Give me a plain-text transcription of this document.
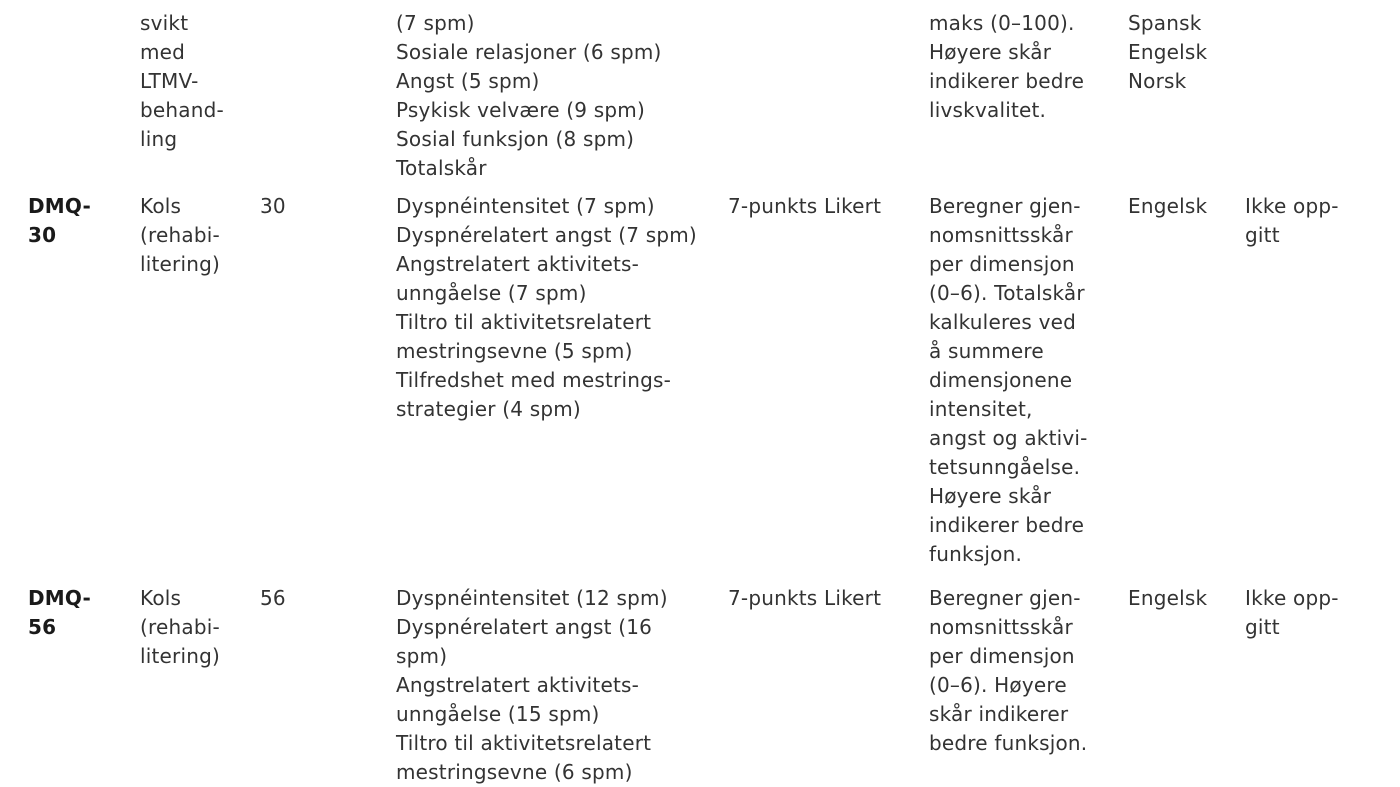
svikt
med
LTMV-
behand-
ling
(7 spm)
Sosiale relasjoner (6 spm)
Angst (5 spm)
Psykisk velvære (9 spm)
Sosial funksjon (8 spm)
Totalskår
maks (0–100).
Høyere skår
indikerer bedre
livskvalitet.
Spansk
Engelsk
Norsk
DMQ-
30
Kols
(rehabi-
litering)
30	Dyspnéintensitet (7 spm)
Dyspnérelatert angst (7 spm)
Angstrelatert aktivitets-
unngåelse (7 spm)
Tiltro til aktivitetsrelatert
mestringsevne (5 spm)
Tilfredshet med mestrings-
strategier (4 spm)
7-punkts Likert Beregner gjen-
nomsnittsskår
per dimensjon
(0–6). Totalskår
kalkuleres ved
å summere
dimensjonene
intensitet,
angst og aktivi-
tetsunngåelse.
Høyere skår
indikerer bedre
funksjon.
Engelsk Ikke opp-
gitt
DMQ-
56
Kols
(rehabi-
litering)
56	Dyspnéintensitet (12 spm)
Dyspnérelatert angst (16
spm)
Angstrelatert aktivitets-
unngåelse (15 spm)
Tiltro til aktivitetsrelatert
mestringsevne (6 spm)
7-punkts Likert Beregner gjen-
nomsnittsskår
per dimensjon
(0–6). Høyere
skår indikerer
bedre funksjon.
Engelsk Ikke opp-
gitt
